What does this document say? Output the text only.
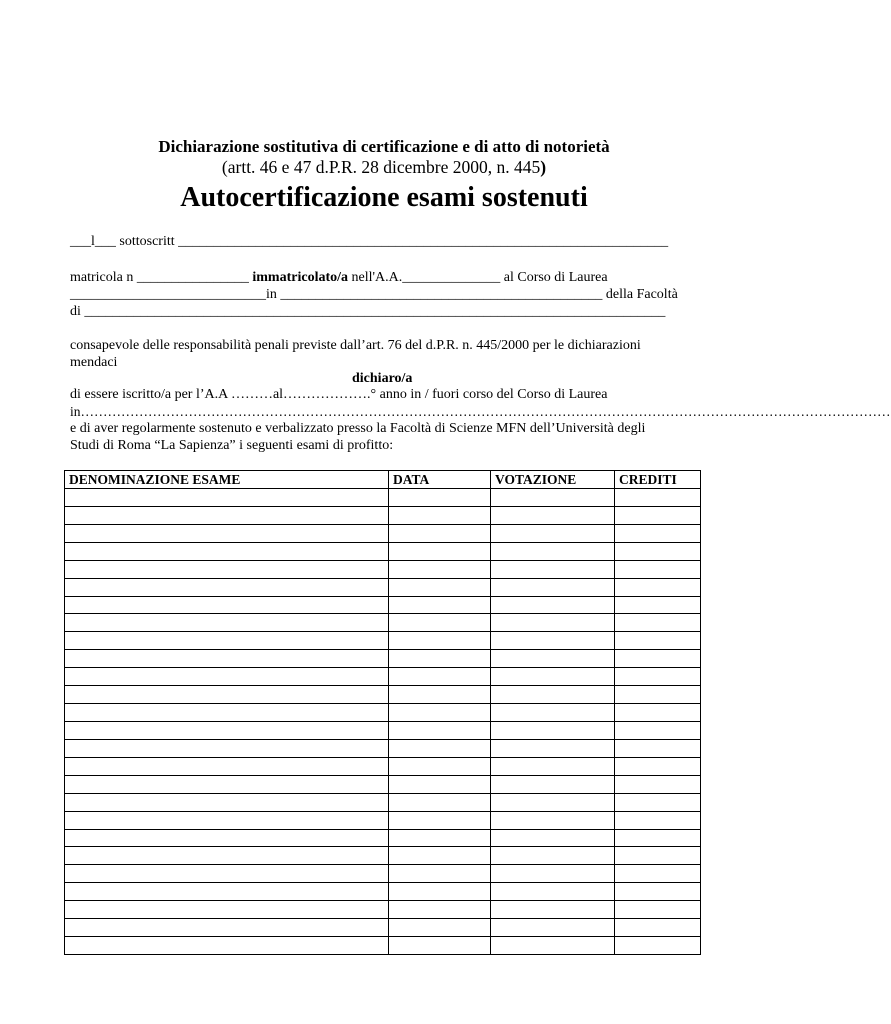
Dichiarazione sostitutiva di certificazione e di atto di notorietà
(artt. 46 e 47 d.P.R. 28 dicembre 2000, n. 445)
Autocertificazione esami sostenuti
___l___ sottoscritt ______________________________________________________________________
matricola n ________________ immatricolato/a nell'A.A.______________ al Corso di Laurea
____________________________in ______________________________________________ della Facoltà
di ___________________________________________________________________________________
consapevole delle responsabilità penali previste dall’art. 76 del d.P.R. n. 445/2000 per le dichiarazioni
mendaci
dichiaro/a
di essere iscritto/a per l’A.A ………al……………….° anno in / fuori corso del Corso di Laurea
in………………………………………………………………………………………………………………………………………………………………
e di aver regolarmente sostenuto e verbalizzato presso la Facoltà di Scienze MFN dell’Università degli
Studi di Roma “La Sapienza” i seguenti esami di profitto:
DENOMINAZIONE ESAME	DATA	VOTAZIONE	CREDITI
